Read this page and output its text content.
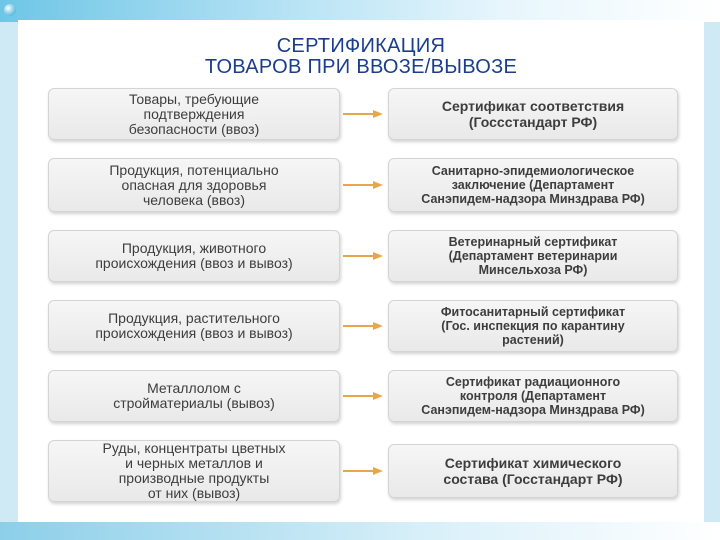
СЕРТИФИКАЦИЯ
ТОВАРОВ ПРИ ВВОЗЕ/ВЫВОЗЕ
Товары, требующие
подтверждения
безопасности (ввоз)
Сертификат соответствия
(Госсстандарт РФ)
Продукция, потенциально
опасная для здоровья
человека (ввоз)
Санитарно-эпидемиологическое
заключение (Департамент
Санэпидем-надзора Минздрава РФ)
Продукция, животного
происхождения (ввоз и вывоз)
Ветеринарный сертификат
(Департамент ветеринарии
Минсельхоза РФ)
Продукция, растительного
происхождения (ввоз и вывоз)
Фитосанитарный сертификат
(Гос. инспекция по карантину
растений)
Металлолом с
стройматериалы (вывоз)
Сертификат радиационного
контроля (Департамент
Санэпидем-надзора Минздрава РФ)
Руды, концентраты цветных
и черных металлов и
производные продукты
от них (вывоз)
Сертификат химического
состава (Госстандарт РФ)
